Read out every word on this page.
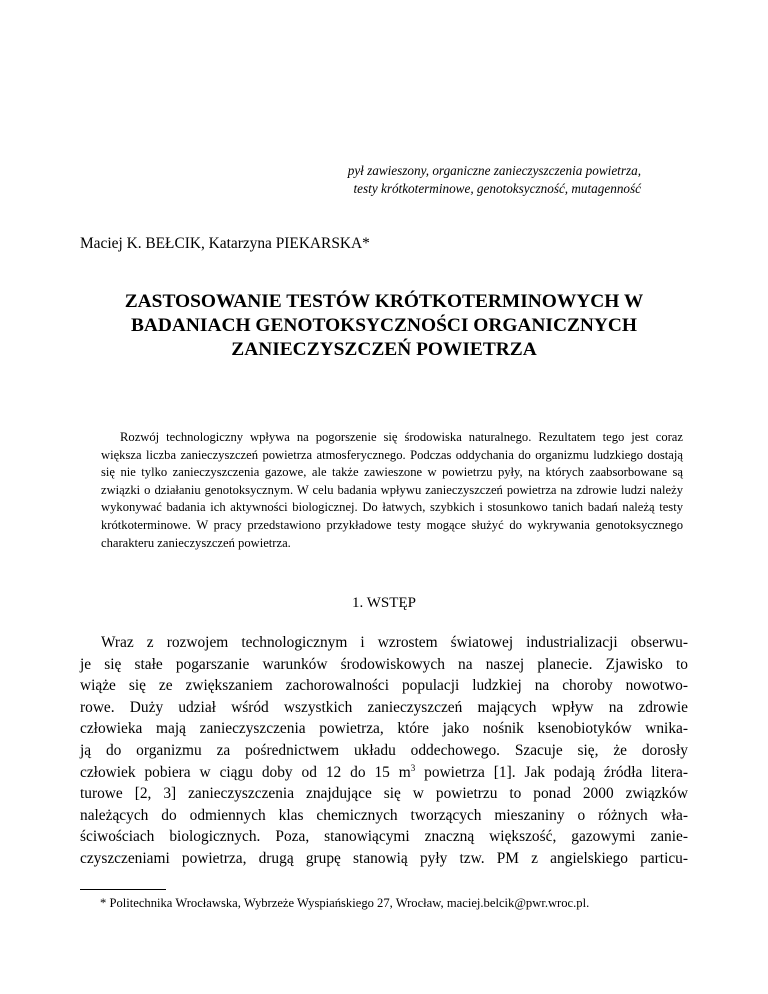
pył zawieszony, organiczne zanieczyszczenia powietrza,
testy krótkoterminowe, genotoksyczność, mutagenność
Maciej K. BEŁCIK, Katarzyna PIEKARSKA*
ZASTOSOWANIE TESTÓW KRÓTKOTERMINOWYCH W
BADANIACH GENOTOKSYCZNOŚCI ORGANICZNYCH
ZANIECZYSZCZEŃ POWIETRZA

Rozwój technologiczny wpływa na pogorszenie się środowiska naturalnego. Rezultatem tego jest coraz większa liczba zanieczyszczeń powietrza atmosferycznego. Podczas oddychania do organizmu ludzkiego dostają się nie tylko zanieczyszczenia gazowe, ale także zawieszone w powietrzu pyły, na których zaabsorbowane są związki o działaniu genotoksycznym. W celu badania wpływu zanieczyszczeń powietrza na zdrowie ludzi należy wykonywać badania ich aktywności biologicznej. Do łatwych, szybkich i stosunkowo tanich badań należą testy krótkoterminowe. W pracy przedstawiono przykładowe testy mogące służyć do wykrywania genotoksycznego charakteru zanieczyszczeń powietrza.

1. WSTĘP
Wraz z rozwojem technologicznym i wzrostem światowej industrializacji obserwu-
je się stałe pogarszanie warunków środowiskowych na naszej planecie. Zjawisko to
wiąże się ze zwiększaniem zachorowalności populacji ludzkiej na choroby nowotwo-
rowe. Duży udział wśród wszystkich zanieczyszczeń mających wpływ na zdrowie
człowieka mają zanieczyszczenia powietrza, które jako nośnik ksenobiotyków wnika-
ją do organizmu za pośrednictwem układu oddechowego. Szacuje się, że dorosły
człowiek pobiera w ciągu doby od 12 do 15 $m^3$ powietrza [1]. Jak podają źródła litera-
turowe [2, 3] zanieczyszczenia znajdujące się w powietrzu to ponad 2000 związków
należących do odmiennych klas chemicznych tworzących mieszaniny o różnych wła-
ściwościach biologicznych. Poza, stanowiącymi znaczną większość, gazowymi zanie-
czyszczeniami powietrza, drugą grupę stanowią pyły tzw. PM z angielskiego particu-
* Politechnika Wrocławska, Wybrzeże Wyspiańskiego 27, Wrocław, maciej.belcik@pwr.wroc.pl.
